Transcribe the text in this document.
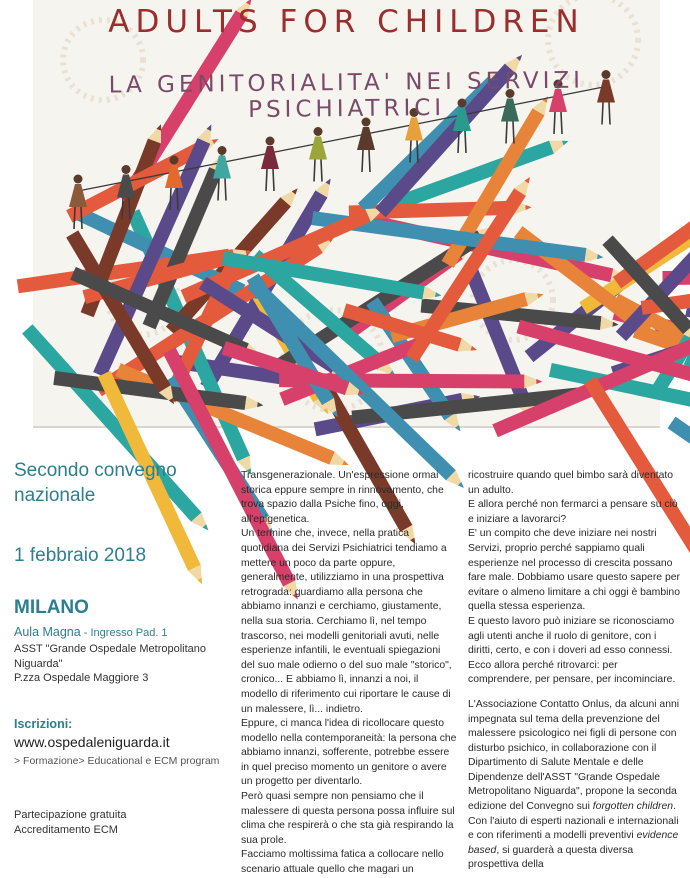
ADULTS FOR CHILDREN
LA GENITORIALITA' NEI SERVIZI PSICHIATRICI
Secondo convegno
nazionale
1 febbraio 2018
MILANO
Aula Magna - Ingresso Pad. 1
ASST "Grande Ospedale Metropolitano Niguarda"
P.zza Ospedale Maggiore 3
Iscrizioni:
www.ospedaleniguarda.it
> Formazione> Educational e ECM program
Partecipazione gratuita
Accreditamento ECM

Transgenerazionale. Un'espressione ormai storica eppure sempre in rinnovamento, che trova spazio dalla Psiche fino, oggi, all'epigenetica.

Un termine che, invece, nella pratica quotidiana dei Servizi Psichiatrici tendiamo a mettere un poco da parte oppure, generalmente, utilizziamo in una prospettiva retrograda: guardiamo alla persona che abbiamo innanzi e cerchiamo, giustamente, nella sua storia. Cerchiamo lì, nel tempo trascorso, nei modelli genitoriali avuti, nelle esperienze infantili, le eventuali spiegazioni del suo male odierno o del suo male "storico", cronico... E abbiamo lì, innanzi a noi, il modello di riferimento cui riportare le cause di un malessere, lì... indietro.

Eppure, ci manca l'idea di ricollocare questo modello nella contemporaneità: la persona che abbiamo innanzi, sofferente, potrebbe essere in quel preciso momento un genitore o avere un progetto per diventarlo.

Però quasi sempre non pensiamo che il malessere di questa persona possa influire sul clima che respirerà o che sta già respirando la sua prole.

Facciamo moltissima fatica a collocare nello scenario attuale quello che magari un

ricostruire quando quel bimbo sarà diventato un adulto.

E allora perché non fermarci a pensare su ciò e iniziare a lavorarci?

E' un compito che deve iniziare nei nostri Servizi, proprio perché sappiamo quali esperienze nel processo di crescita possano fare male. Dobbiamo usare questo sapere per evitare o almeno limitare a chi oggi è bambino quella stessa esperienza.

E questo lavoro può iniziare se riconosciamo agli utenti anche il ruolo di genitore, con i diritti, certo, e con i doveri ad esso connessi.

Ecco allora perché ritrovarci: per comprendere, per pensare, per incominciare.

L'Associazione Contatto Onlus, da alcuni anni impegnata sul tema della prevenzione del malessere psicologico nei figli di persone con disturbo psichico, in collaborazione con il Dipartimento di Salute Mentale e delle Dipendenze dell'ASST "Grande Ospedale Metropolitano Niguarda", propone la seconda edizione del Convegno sui forgotten children.

Con l'aiuto di esperti nazionali e internazionali e con riferimenti a modelli preventivi evidence based, si guarderà a questa diversa prospettiva della
